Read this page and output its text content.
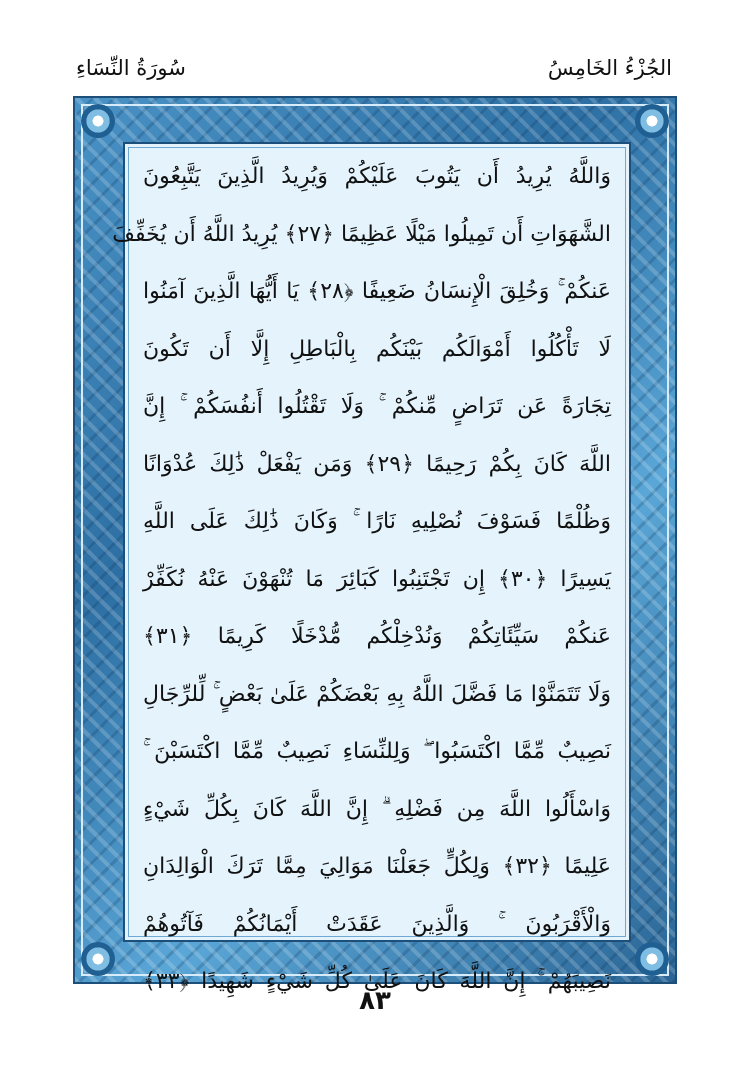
سُورَةُ النِّسَاءِ	الجُزْءُ الخَامِسُ
وَاللَّهُ يُرِيدُ أَن يَتُوبَ عَلَيْكُمْ وَيُرِيدُ الَّذِينَ يَتَّبِعُونَ
الشَّهَوَاتِ أَن تَمِيلُوا مَيْلًا عَظِيمًا ﴿٢٧﴾ يُرِيدُ اللَّهُ أَن يُخَفِّفَ
عَنكُمْ ۚ وَخُلِقَ الْإِنسَانُ ضَعِيفًا ﴿٢٨﴾ يَا أَيُّهَا الَّذِينَ آمَنُوا
لَا تَأْكُلُوا أَمْوَالَكُم بَيْنَكُم بِالْبَاطِلِ إِلَّا أَن تَكُونَ
تِجَارَةً عَن تَرَاضٍ مِّنكُمْ ۚ وَلَا تَقْتُلُوا أَنفُسَكُمْ ۚ إِنَّ
اللَّهَ كَانَ بِكُمْ رَحِيمًا ﴿٢٩﴾ وَمَن يَفْعَلْ ذَٰلِكَ عُدْوَانًا
وَظُلْمًا فَسَوْفَ نُصْلِيهِ نَارًا ۚ وَكَانَ ذَٰلِكَ عَلَى اللَّهِ
يَسِيرًا ﴿٣٠﴾ إِن تَجْتَنِبُوا كَبَائِرَ مَا تُنْهَوْنَ عَنْهُ نُكَفِّرْ
عَنكُمْ سَيِّئَاتِكُمْ وَنُدْخِلْكُم مُّدْخَلًا كَرِيمًا ﴿٣١﴾
وَلَا تَتَمَنَّوْا مَا فَضَّلَ اللَّهُ بِهِ بَعْضَكُمْ عَلَىٰ بَعْضٍ ۚ لِّلرِّجَالِ
نَصِيبٌ مِّمَّا اكْتَسَبُوا ۖ وَلِلنِّسَاءِ نَصِيبٌ مِّمَّا اكْتَسَبْنَ ۚ
وَاسْأَلُوا اللَّهَ مِن فَضْلِهِ ۗ إِنَّ اللَّهَ كَانَ بِكُلِّ شَيْءٍ
عَلِيمًا ﴿٣٢﴾ وَلِكُلٍّ جَعَلْنَا مَوَالِيَ مِمَّا تَرَكَ الْوَالِدَانِ
وَالْأَقْرَبُونَ ۚ وَالَّذِينَ عَقَدَتْ أَيْمَانُكُمْ فَآتُوهُمْ
نَصِيبَهُمْ ۚ إِنَّ اللَّهَ كَانَ عَلَىٰ كُلِّ شَيْءٍ شَهِيدًا ﴿٣٣﴾
٨٣
